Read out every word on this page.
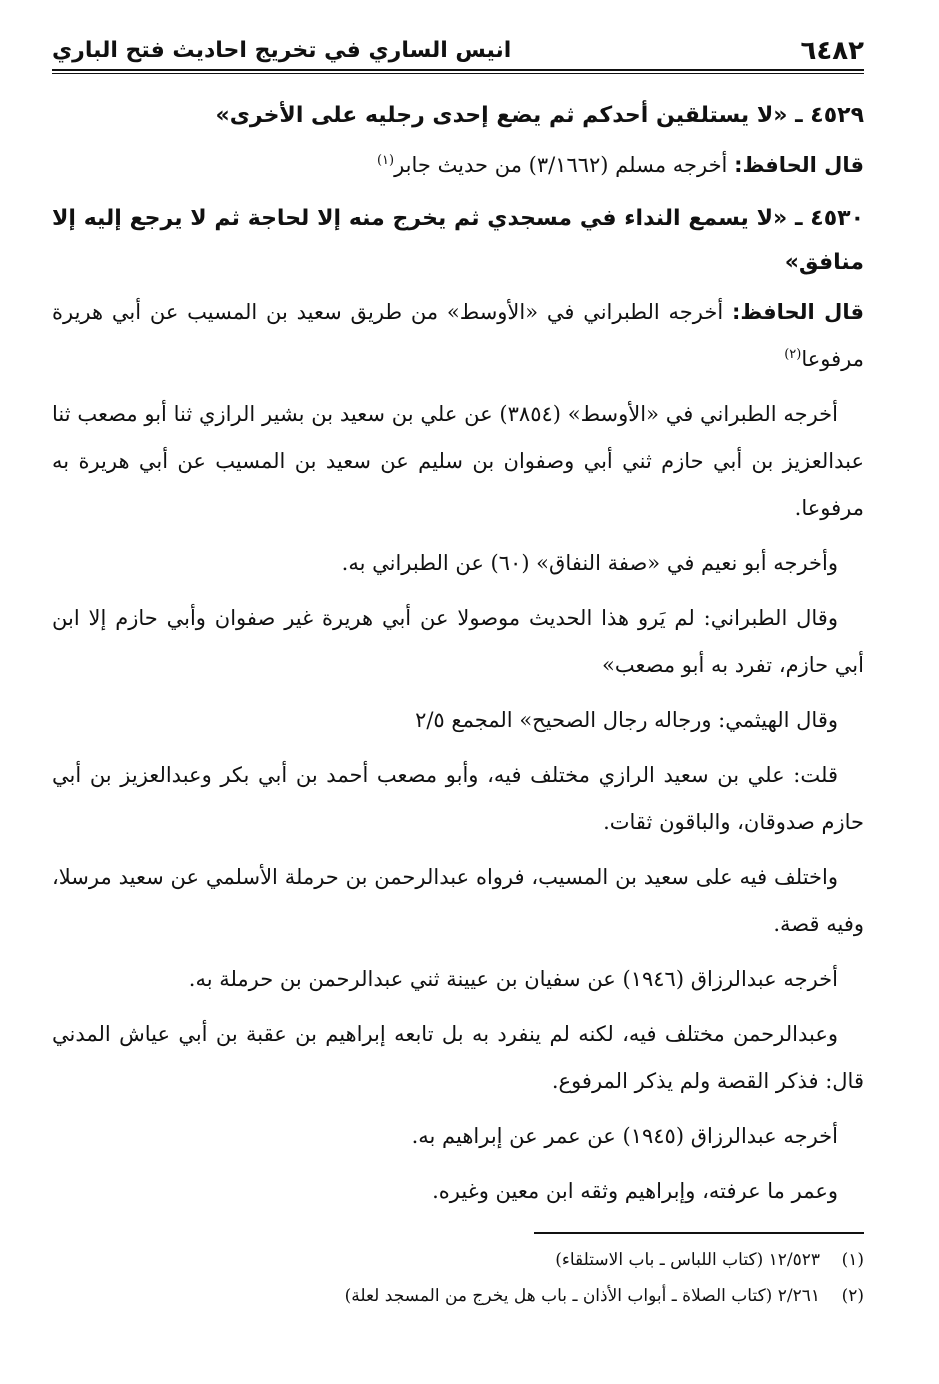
٦٤٨٢
انيس الساري في تخريج احاديث فتح الباري
٤٥٢٩ ـ «لا يستلقين أحدكم ثم يضع إحدى رجليه على الأخرى»

قال الحافظ: أخرجه مسلم (٣/١٦٦٢) من حديث جابر$^{(١)}$

٤٥٣٠ ـ «لا يسمع النداء في مسجدي ثم يخرج منه إلا لحاجة ثم لا يرجع إليه إلا منافق»

قال الحافظ: أخرجه الطبراني في «الأوسط» من طريق سعيد بن المسيب عن أبي هريرة مرفوعا$^{(٢)}$

أخرجه الطبراني في «الأوسط» (٣٨٥٤) عن علي بن سعيد بن بشير الرازي ثنا أبو مصعب ثنا عبدالعزيز بن أبي حازم ثني أبي وصفوان بن سليم عن سعيد بن المسيب عن أبي هريرة به مرفوعا.

وأخرجه أبو نعيم في «صفة النفاق» (٦٠) عن الطبراني به.

وقال الطبراني: لم يَرو هذا الحديث موصولا عن أبي هريرة غير صفوان وأبي حازم إلا ابن أبي حازم، تفرد به أبو مصعب»

وقال الهيثمي: ورجاله رجال الصحيح» المجمع ٢/٥

قلت: علي بن سعيد الرازي مختلف فيه، وأبو مصعب أحمد بن أبي بكر وعبدالعزيز بن أبي حازم صدوقان، والباقون ثقات.

واختلف فيه على سعيد بن المسيب، فرواه عبدالرحمن بن حرملة الأسلمي عن سعيد مرسلا، وفيه قصة.

أخرجه عبدالرزاق (١٩٤٦) عن سفيان بن عيينة ثني عبدالرحمن بن حرملة به.

وعبدالرحمن مختلف فيه، لكنه لم ينفرد به بل تابعه إبراهيم بن عقبة بن أبي عياش المدني قال: فذكر القصة ولم يذكر المرفوع.

أخرجه عبدالرزاق (١٩٤٥) عن عمر عن إبراهيم به.

وعمر ما عرفته، وإبراهيم وثقه ابن معين وغيره.

(١)١٢/٥٢٣ (كتاب اللباس ـ باب الاستلقاء)
(٢)٢/٢٦١ (كتاب الصلاة ـ أبواب الأذان ـ باب هل يخرج من المسجد لعلة)
